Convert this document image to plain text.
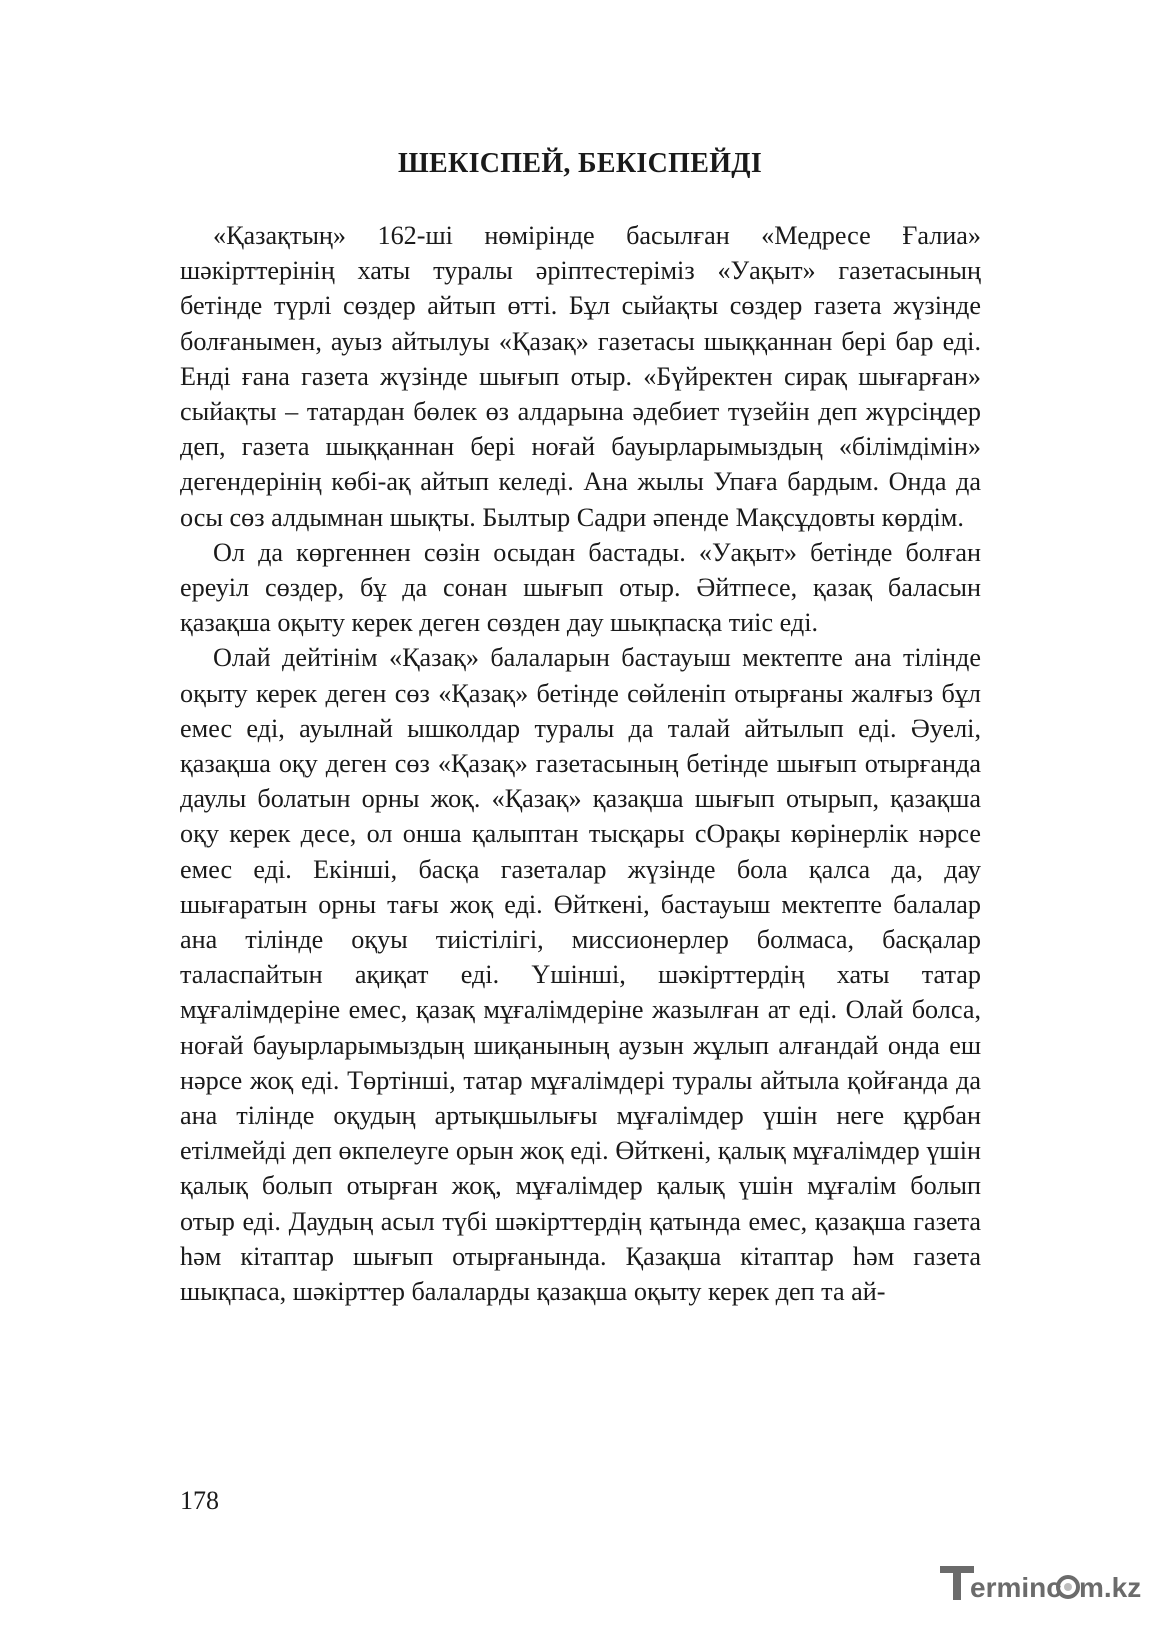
ШЕКІСПЕЙ, БЕКІСПЕЙДІ

«Қазақтың» 162-ші нөмірінде басылған «Медресе Ғалиа» шәкірттерінің хаты туралы әріптестеріміз «Уақыт» газетасының бетінде түрлі сөздер айтып өтті. Бұл сыйақты сөздер газета жүзінде болғанымен, ауыз айтылуы «Қазақ» газетасы шыққаннан бері бар еді. Енді ғана газета жүзінде шығып отыр. «Бүйректен сирақ шығарған» сыйақты – татардан бөлек өз алдарына әдебиет түзейін деп жүрсіңдер деп, газета шыққаннан бері ноғай бауырларымыздың «білімдімін» дегендерінің көбі-ақ айтып келеді. Ана жылы Упаға бардым. Онда да осы сөз алдымнан шықты. Былтыр Садри әпенде Мақсұдовты көрдім.

Ол да көргеннен сөзін осыдан бастады. «Уақыт» бетінде болған ереуіл сөздер, бұ да сонан шығып отыр. Әйтпесе, қазақ баласын қазақша оқыту керек деген сөзден дау шықпасқа тиіс еді.

Олай дейтінім «Қазақ» балаларын бастауыш мектепте ана тілінде оқыту керек деген сөз «Қазақ» бетінде сөйленіп отырғаны жалғыз бұл емес еді, ауылнай ышколдар туралы да талай айтылып еді. Әуелі, қазақша оқу деген сөз «Қазақ» газетасының бетінде шығып отырғанда даулы болатын орны жоқ. «Қазақ» қазақша шығып отырып, қазақша оқу керек десе, ол онша қалыптан тысқары сОрақы көрінерлік нәрсе емес еді. Екінші, басқа газеталар жүзінде бола қалса да, дау шығаратын орны тағы жоқ еді. Өйткені, бастауыш мектепте балалар ана тілінде оқуы тиістілігі, миссионерлер болмаса, басқалар таласпайтын ақиқат еді. Үшінші, шәкірттердің хаты татар мұғалімдеріне емес, қазақ мұғалімдеріне жазылған ат еді. Олай болса, ноғай бауырларымыздың шиқанының аузын жұлып алғандай онда еш нәрсе жоқ еді. Төртінші, татар мұғалімдері туралы айтыла қойғанда да ана тілінде оқудың артықшылығы мұғалімдер үшін неге құрбан етілмейді деп өкпелеуге орын жоқ еді. Өйткені, қалық мұғалімдер үшін қалық болып отырған жоқ, мұғалімдер қалық үшін мұғалім болып отыр еді. Даудың асыл түбі шәкірттердің қатында емес, қазақша газета һәм кітаптар шығып отырғанында. Қазақша кітаптар һәм газета шықпаса, шәкірттер балаларды қазақша оқыту керек деп та ай-

178

erminc m.kz
